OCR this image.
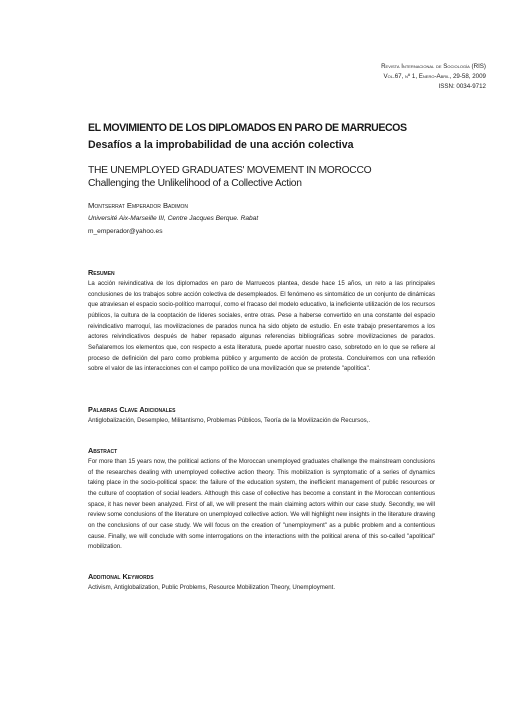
Revista Internacional de Sociología (RIS)
Vol.67, nº 1, Enero-Abril, 29-58, 2009
ISSN: 0034-9712
EL MOVIMIENTO DE LOS DIPLOMADOS EN PARO DE MARRUECOS
Desafíos a la improbabilidad de una acción colectiva
THE UNEMPLOYED GRADUATES' MOVEMENT IN MOROCCO
Challenging the Unlikelihood of a Collective Action
Montserrat Emperador Badimon
Université Aix-Marseille III, Centre Jacques Berque. Rabat
m_emperador@yahoo.es
Resumen
La acción reivindicativa de los diplomados en paro de Marruecos plantea, desde hace 15 años, un reto a las principales conclusiones de los trabajos sobre acción colectiva de desempleados. El fenómeno es sintomático de un conjunto de dinámicas que atraviesan el espacio socio-político marroquí, como el fracaso del modelo educativo, la ineficiente utilización de los recursos públicos, la cultura de la cooptación de líderes sociales, entre otras. Pese a haberse convertido en una constante del espacio reivindicativo marroquí, las movilizaciones de parados nunca ha sido objeto de estudio. En este trabajo presentaremos a los actores reivindicativos después de haber repasado algunas referencias bibliográficas sobre movilizaciones de parados. Señalaremos los elementos que, con respecto a esta literatura, puede aportar nuestro caso, sobretodo en lo que se refiere al proceso de definición del paro como problema público y argumento de acción de protesta. Concluiremos con una reflexión sobre el valor de las interacciones con el campo político de una movilización que se pretende "apolítica".
Palabras Clave Adicionales
Antiglobalización, Desempleo, Militantismo, Problemas Públicos, Teoría de la Movilización de Recursos,.
Abstract
For more than 15 years now, the political actions of the Moroccan unemployed graduates challenge the mainstream conclusions of the researches dealing with unemployed collective action theory. This mobilization is symptomatic of a series of dynamics taking place in the socio-political space: the failure of the education system, the inefficient management of public resources or the culture of cooptation of social leaders. Although this case of collective has become a constant in the Moroccan contentious space, it has never been analyzed. First of all, we will present the main claiming actors within our case study. Secondly, we will review some conclusions of the literature on unemployed collective action. We will highlight new insights in the literature drawing on the conclusions of our case study. We will focus on the creation of "unemployment" as a public problem and a contentious cause. Finally, we will conclude with some interrogations on the interactions with the political arena of this so-called "apolitical" mobilization.
Additional Keywords
Activism, Antiglobalization, Public Problems, Resource Mobilization Theory, Unemployment.
